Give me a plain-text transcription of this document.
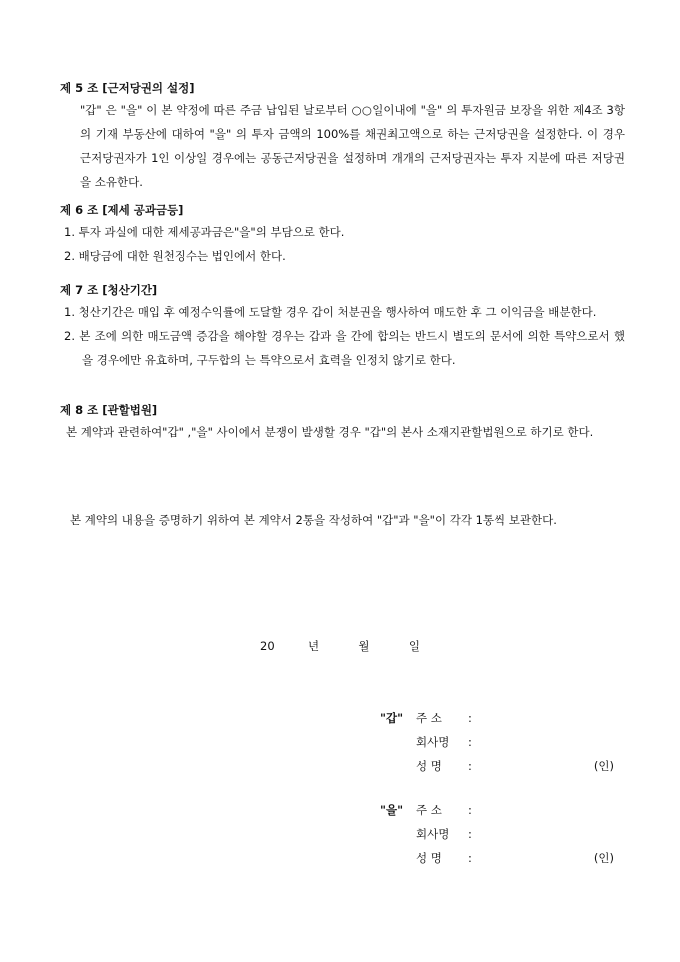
제 5 조 [근저당권의 설정]

"갑" 은 "을" 이 본 약정에 따른 주금 납입된 날로부터 ○○일이내에 "을" 의 투자원금 보장을 위한 제4조 3항의 기재 부동산에 대하여 "을" 의 투자 금액의 100%를 채권최고액으로 하는 근저당권을 설정한다. 이 경우 근저당권자가 1인 이상일 경우에는 공동근저당권을 설정하며 개개의 근저당권자는 투자 지분에 따른 저당권을 소유한다.

제 6 조 [제세 공과금등]

1. 투자 과실에 대한 제세공과금은"을"의 부담으로 한다.
2. 배당금에 대한 원천징수는 법인에서 한다.

제 7 조 [청산기간]

1. 청산기간은 매입 후 예정수익률에 도달할 경우 갑이 처분권을 행사하여 매도한 후 그 이익금을 배분한다.
2. 본 조에 의한 매도금액 증감을 해야할 경우는 갑과 을 간에 합의는 반드시 별도의 문서에 의한 특약으로서 했을 경우에만 유효하며, 구두합의 는 특약으로서 효력을 인정치 않기로 한다.

제 8 조 [관할법원]

본 계약과 관련하여"갑" ,"을" 사이에서 분쟁이 발생할 경우 "갑"의 본사 소재지관할법원으로 하기로 한다.

본 계약의 내용을 증명하기 위하여 본 계약서 2통을 작성하여 "갑"과 "을"이 각각 1통씩 보관한다.

20	년	월	일
"갑" 주 소 :
회사명 :
성 명 :	(인)
"을" 주 소 :
회사명 :
성 명 :	(인)
